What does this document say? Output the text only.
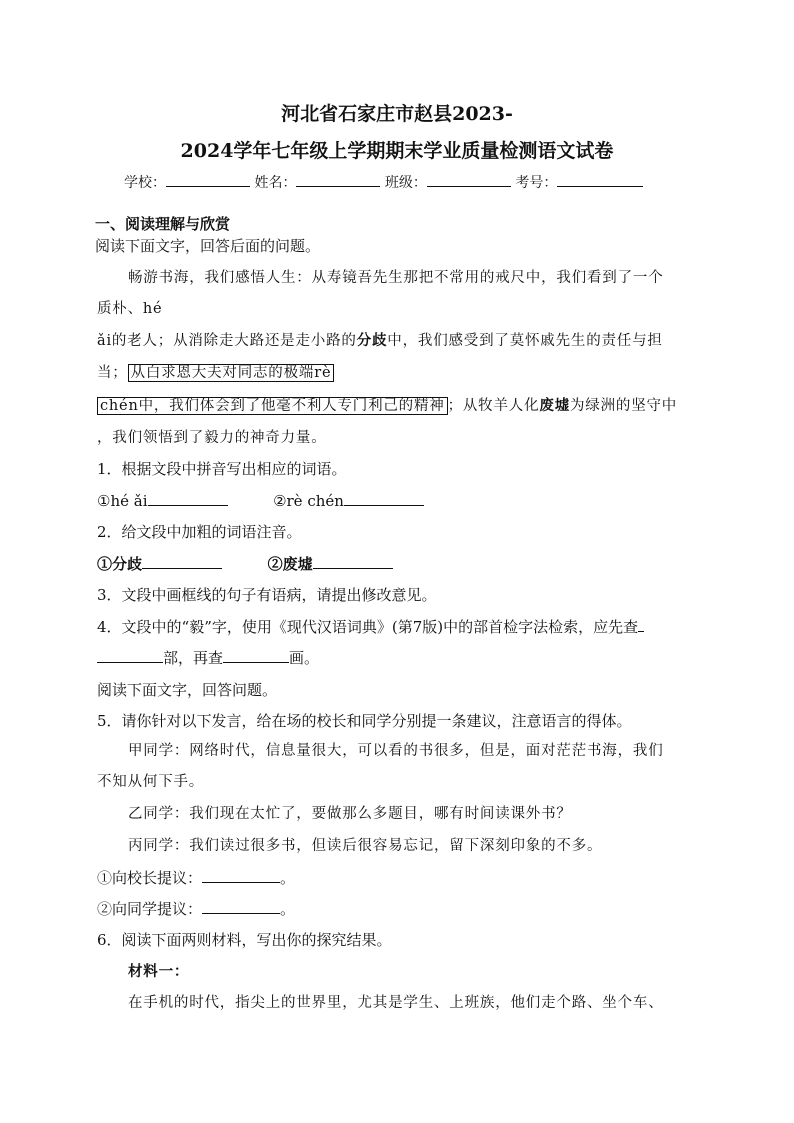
河北省石家庄市赵县2023-
2024学年七年级上学期期末学业质量检测语文试卷
学校：	姓名：	班级：	考号：
一、阅读理解与欣赏
阅读下面文字，回答后面的问题。
畅游书海，我们感悟人生：从寿镜吾先生那把不常用的戒尺中，我们看到了一个
质朴、hé
ǎi的老人；从消除走大路还是走小路的分歧中，我们感受到了莫怀戚先生的责任与担
当； 从白求恩大夫对同志的极端rè
chén中，我们体会到了他毫不利人专门利己的精神 ；从牧羊人化废墟为绿洲的坚守中
，我们领悟到了毅力的神奇力量。
1．根据文段中拼音写出相应的词语。
①hé ǎi	②rè chén
2．给文段中加粗的词语注音。
①分歧	②废墟
3．文段中画框线的句子有语病，请提出修改意见。
4．文段中的“毅”字，使用《现代汉语词典》(第7版)中的部首检字法检索，应先查
部，再查	画。
阅读下面文字，回答问题。
5．请你针对以下发言，给在场的校长和同学分别提一条建议，注意语言的得体。
甲同学：网络时代，信息量很大，可以看的书很多，但是，面对茫茫书海，我们
不知从何下手。
乙同学：我们现在太忙了，要做那么多题目，哪有时间读课外书？
丙同学：我们读过很多书，但读后很容易忘记，留下深刻印象的不多。
①向校长提议：	。
②向同学提议：	。
6．阅读下面两则材料，写出你的探究结果。
材料一：
在手机的时代，指尖上的世界里，尤其是学生、上班族，他们走个路、坐个车、
